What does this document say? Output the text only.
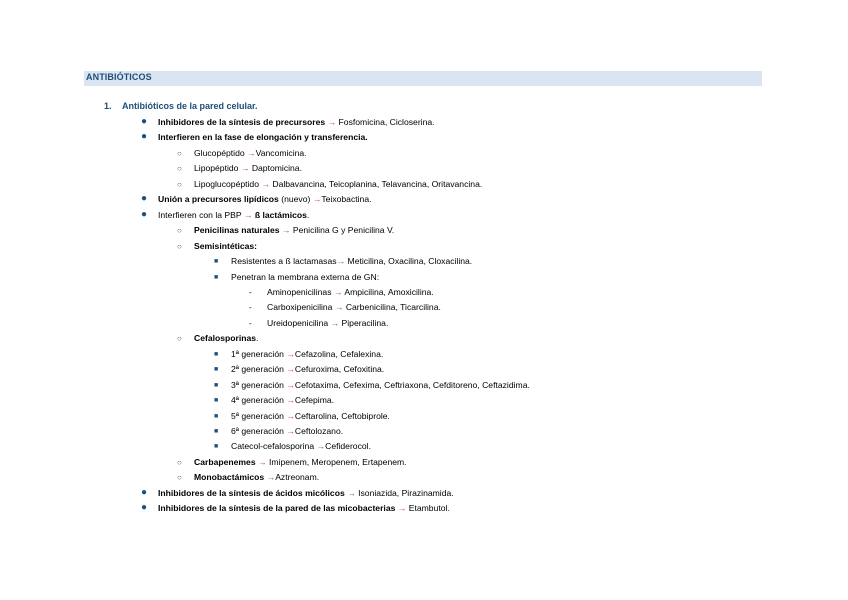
ANTIBIÓTICOS
1. Antibióticos de la pared celular.
● Inhibidores de la síntesis de precursores → Fosfomicina, Cicloserina.
● Interfieren en la fase de elongación y transferencia.
○ Glucopéptido →Vancomicina.
○ Lipopéptido → Daptomicina.
○ Lipoglucopéptido → Dalbavancina, Teicoplanina, Telavancina, Oritavancina.
● Unión a precursores lipídicos (nuevo) →Teixobactina.
● Interfieren con la PBP → ß lactámicos.
○ Penicilinas naturales → Penicilina G y Penicilina V.
○ Semisintéticas:
■ Resistentes a ß lactamasas→ Meticilina, Oxacilina, Cloxacilina.
■ Penetran la membrana externa de GN:
- Aminopenicilinas → Ampicilina, Amoxicilina.
- Carboxipenicilina → Carbenicilina, Ticarcilina.
- Ureidopenicilina → Piperacilina.
○ Cefalosporinas.
■ 1ª generación →Cefazolina, Cefalexina.
■ 2ª generación →Cefuroxima, Cefoxitina.
■ 3ª generación →Cefotaxima, Cefexima, Ceftriaxona, Cefditoreno, Ceftazidima.
■ 4ª generación →Cefepima.
■ 5ª generación →Ceftarolina, Ceftobiprole.
■ 6ª generación →Ceftolozano.
■ Catecol-cefalosporina →Cefiderocol.
○ Carbapenemes → Imipenem, Meropenem, Ertapenem.
○ Monobactámicos →Aztreonam.
● Inhibidores de la síntesis de ácidos micólicos → Isoniazida, Pirazinamida.
● Inhibidores de la síntesis de la pared de las micobacterias → Etambutol.
